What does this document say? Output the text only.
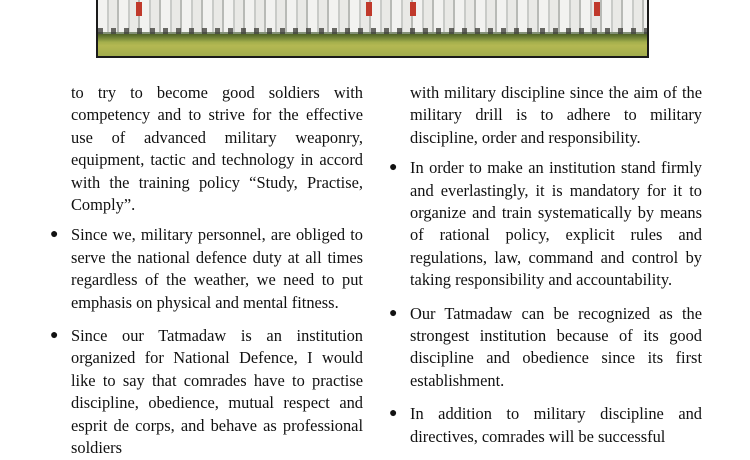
to try to become good soldiers with competency and to strive for the effective use of advanced military weaponry, equipment, tactic and technology in accord with the training policy “Study, Practise, Comply”.

● Since we, military personnel, are obliged to serve the national defence duty at all times regardless of the weather, we need to put emphasis on physical and mental fitness.

● Since our Tatmadaw is an institution organized for National Defence, I would like to say that comrades have to practise discipline, obedience, mutual respect and esprit de corps, and behave as professional soldiers

with military discipline since the aim of the military drill is to adhere to military discipline, order and responsibility.

● In order to make an institution stand firmly and everlastingly, it is mandatory for it to organize and train systematically by means of rational policy, explicit rules and regulations, law, command and control by taking responsibility and accountability.

● Our Tatmadaw can be recognized as the strongest institution because of its good discipline and obedience since its first establishment.

● In addition to military discipline and directives, comrades will be successful
